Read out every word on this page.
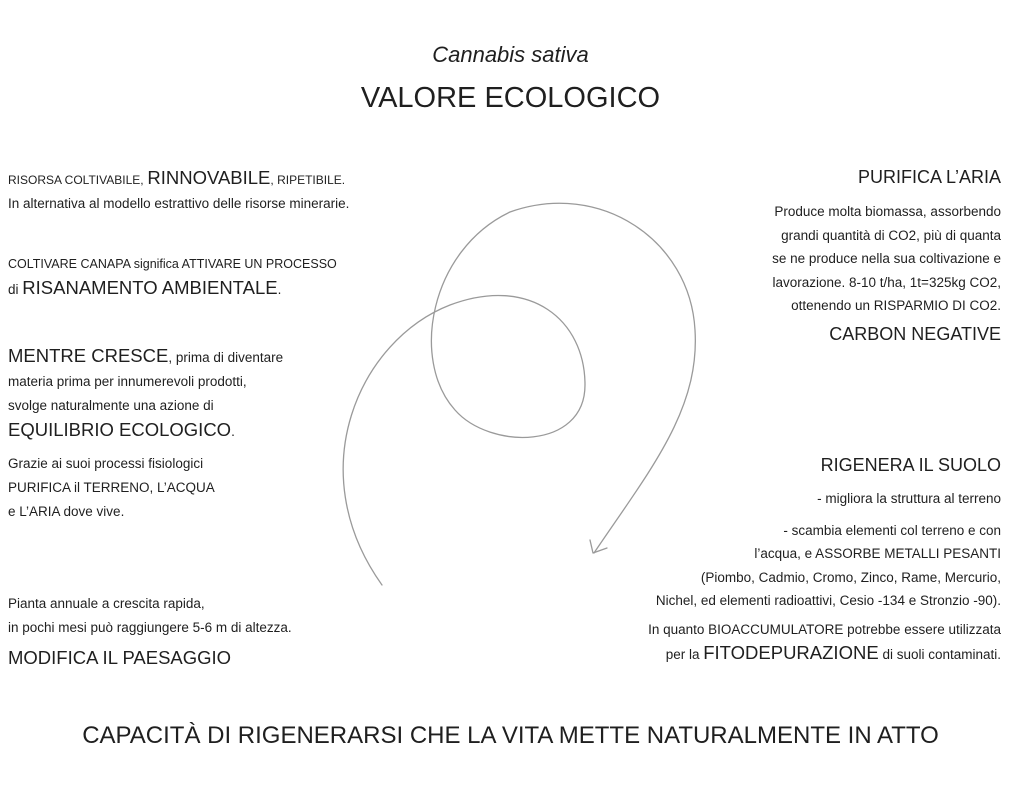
Cannabis sativa
VALORE ECOLOGICO
RISORSA COLTIVABILE, RINNOVABILE, RIPETIBILE.
In alternativa al modello estrattivo delle risorse minerarie.
COLTIVARE CANAPA significa ATTIVARE UN PROCESSO
di RISANAMENTO AMBIENTALE.
MENTRE CRESCE, prima di diventare
materia prima per innumerevoli prodotti,
svolge naturalmente una azione di
EQUILIBRIO ECOLOGICO.
Grazie ai suoi processi fisiologici
PURIFICA il TERRENO, L’ACQUA
e L’ARIA dove vive.
Pianta annuale a crescita rapida,
in pochi mesi può raggiungere 5-6 m di altezza.
MODIFICA IL PAESAGGIO
PURIFICA L’ARIA
Produce molta biomassa, assorbendo
grandi quantità di CO2, più di quanta
se ne produce nella sua coltivazione e
lavorazione. 8-10 t/ha, 1t=325kg CO2,
ottenendo un RISPARMIO DI CO2.
CARBON NEGATIVE
RIGENERA IL SUOLO
- migliora la struttura al terreno
- scambia elementi col terreno e con
l’acqua, e ASSORBE METALLI PESANTI
(Piombo, Cadmio, Cromo, Zinco, Rame, Mercurio,
Nichel, ed elementi radioattivi, Cesio -134 e Stronzio -90).
In quanto BIOACCUMULATORE potrebbe essere utilizzata
per la FITODEPURAZIONE di suoli contaminati.
CAPACITÀ DI RIGENERARSI CHE LA VITA METTE NATURALMENTE IN ATTO
